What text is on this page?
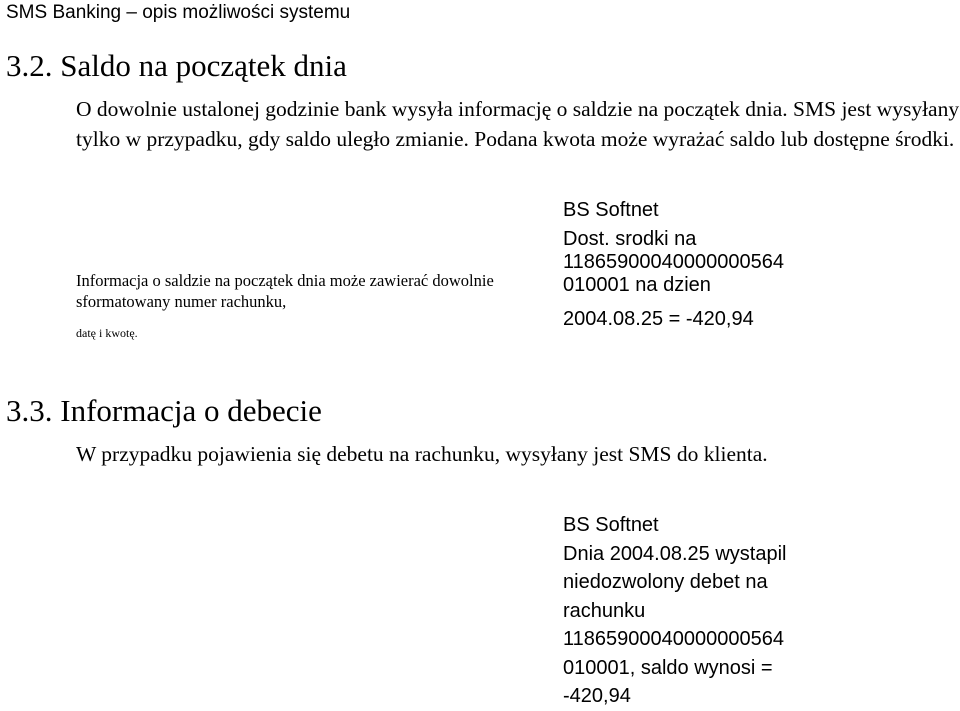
SMS Banking – opis możliwości systemu
3.2. Saldo na początek dnia

O dowolnie ustalonej godzinie bank wysyła informację o saldzie na początek dnia. SMS jest wysyłany tylko w przypadku, gdy saldo uległo zmianie. Podana kwota może wyrażać saldo lub dostępne środki.

Informacja o saldzie na początek dnia może zawierać dowolnie sformatowany numer rachunku,
datę i kwotę.
BS Softnet
Dost. srodki na
11865900040000000564
010001 na dzien
2004.08.25 = -420,94
3.3. Informacja o debecie

W przypadku pojawienia się debetu na rachunku, wysyłany jest SMS do klienta.

BS Softnet
Dnia 2004.08.25 wystapil
niedozwolony debet na
rachunku
11865900040000000564
010001, saldo wynosi =
-420,94
